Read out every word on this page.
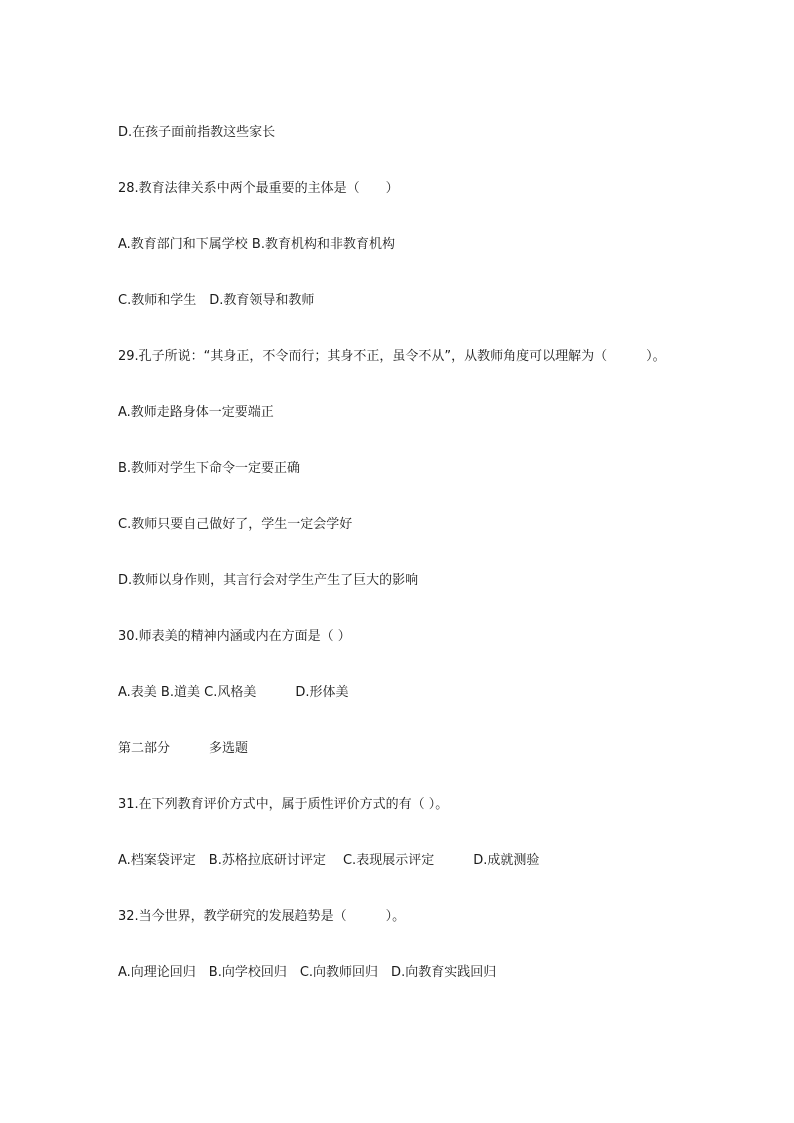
D.在孩子面前指教这些家长
28.教育法律关系中两个最重要的主体是（　　）
A.教育部门和下属学校 B.教育机构和非教育机构
C.教师和学生　D.教育领导和教师
29.孔子所说：“其身正，不令而行；其身不正，虽令不从”，从教师角度可以理解为（　　　）。
A.教师走路身体一定要端正
B.教师对学生下命令一定要正确
C.教师只要自己做好了，学生一定会学好
D.教师以身作则，其言行会对学生产生了巨大的影响
30.师表美的精神内涵或内在方面是（ ）
A.表美 B.道美 C.风格美　　　D.形体美
第二部分　　　多选题
31.在下列教育评价方式中，属于质性评价方式的有（ ）。
A.档案袋评定　B.苏格拉底研讨评定　 C.表现展示评定　　　D.成就测验
32.当今世界，教学研究的发展趋势是（　　　）。
A.向理论回归　B.向学校回归　C.向教师回归　D.向教育实践回归
